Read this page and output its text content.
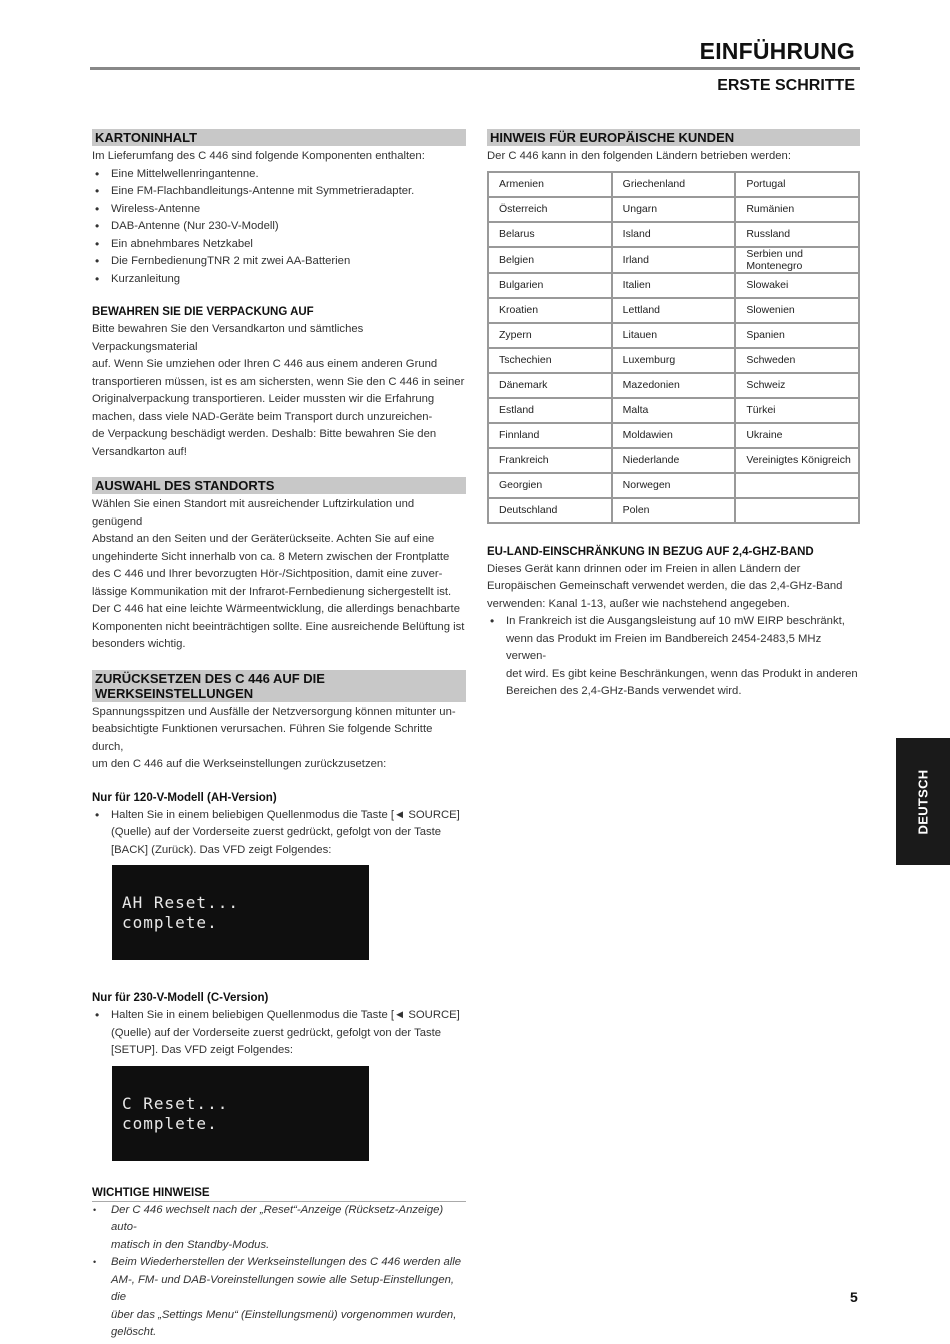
EINFÜHRUNG
ERSTE SCHRITTE
KARTONINHALT

Im Lieferumfang des C 446 sind folgende Komponenten enthalten:

• Eine Mittelwellenringantenne.
• Eine FM-Flachbandleitungs-Antenne mit Symmetrieradapter.
• Wireless-Antenne
• DAB-Antenne (Nur 230-V-Modell)
• Ein abnehmbares Netzkabel
• Die FernbedienungTNR 2 mit zwei AA-Batterien
• Kurzanleitung
BEWAHREN SIE DIE VERPACKUNG AUF

Bitte bewahren Sie den Versandkarton und sämtliches Verpackungsmaterial
auf. Wenn Sie umziehen oder Ihren C 446 aus einem anderen Grund
transportieren müssen, ist es am sichersten, wenn Sie den C 446 in seiner
Originalverpackung transportieren. Leider mussten wir die Erfahrung
machen, dass viele NAD-Geräte beim Transport durch unzureichen-
de Verpackung beschädigt werden. Deshalb: Bitte bewahren Sie den
Versandkarton auf!

AUSWAHL DES STANDORTS

Wählen Sie einen Standort mit ausreichender Luftzirkulation und genügend
Abstand an den Seiten und der Geräterückseite. Achten Sie auf eine
ungehinderte Sicht innerhalb von ca. 8 Metern zwischen der Frontplatte
des C 446 und Ihrer bevorzugten Hör-/Sichtposition, damit eine zuver-
lässige Kommunikation mit der Infrarot-Fernbedienung sichergestellt ist.
Der C 446 hat eine leichte Wärmeentwicklung, die allerdings benachbarte
Komponenten nicht beeinträchtigen sollte. Eine ausreichende Belüftung ist
besonders wichtig.

ZURÜCKSETZEN DES C 446 AUF DIE WERKSEINSTELLUNGEN

Spannungsspitzen und Ausfälle der Netzversorgung können mitunter un-
beabsichtigte Funktionen verursachen. Führen Sie folgende Schritte durch,
um den C 446 auf die Werkseinstellungen zurückzusetzen:

Nur für 120-V-Modell (AH-Version)
• Halten Sie in einem beliebigen Quellenmodus die Taste [◄ SOURCE]
(Quelle) auf der Vorderseite zuerst gedrückt, gefolgt von der Taste
[BACK] (Zurück). Das VFD zeigt Folgendes:
AH Reset...
complete.
Nur für 230-V-Modell (C-Version)
• Halten Sie in einem beliebigen Quellenmodus die Taste [◄ SOURCE]
(Quelle) auf der Vorderseite zuerst gedrückt, gefolgt von der Taste
[SETUP]. Das VFD zeigt Folgendes:
C Reset...
complete.
WICHTIGE HINWEISE
• Der C 446 wechselt nach der „Reset“-Anzeige (Rücksetz-Anzeige) auto-
matisch in den Standby-Modus.
• Beim Wiederherstellen der Werkseinstellungen des C 446 werden alle
AM-, FM- und DAB-Voreinstellungen sowie alle Setup-Einstellungen, die
über das „Settings Menu“ (Einstellungsmenü) vorgenommen wurden,
gelöscht.
HINWEIS FÜR EUROPÄISCHE KUNDEN

Der C 446 kann in den folgenden Ländern betrieben werden:

Armenien	Griechenland	Portugal
Österreich	Ungarn	Rumänien
Belarus	Island	Russland
Belgien	Irland	Serbien und Montenegro
Bulgarien	Italien	Slowakei
Kroatien	Lettland	Slowenien
Zypern	Litauen	Spanien
Tschechien	Luxemburg	Schweden
Dänemark	Mazedonien	Schweiz
Estland	Malta	Türkei
Finnland	Moldawien	Ukraine
Frankreich	Niederlande	Vereinigtes Königreich
Georgien	Norwegen	
Deutschland	Polen	
EU-LAND-EINSCHRÄNKUNG IN BEZUG AUF 2,4-GHZ-BAND

Dieses Gerät kann drinnen oder im Freien in allen Ländern der
Europäischen Gemeinschaft verwendet werden, die das 2,4-GHz-Band
verwenden: Kanal 1-13, außer wie nachstehend angegeben.

• In Frankreich ist die Ausgangsleistung auf 10 mW EIRP beschränkt,
wenn das Produkt im Freien im Bandbereich 2454-2483,5 MHz verwen-
det wird. Es gibt keine Beschränkungen, wenn das Produkt in anderen
Bereichen des 2,4-GHz-Bands verwendet wird.
DEUTSCH
5
